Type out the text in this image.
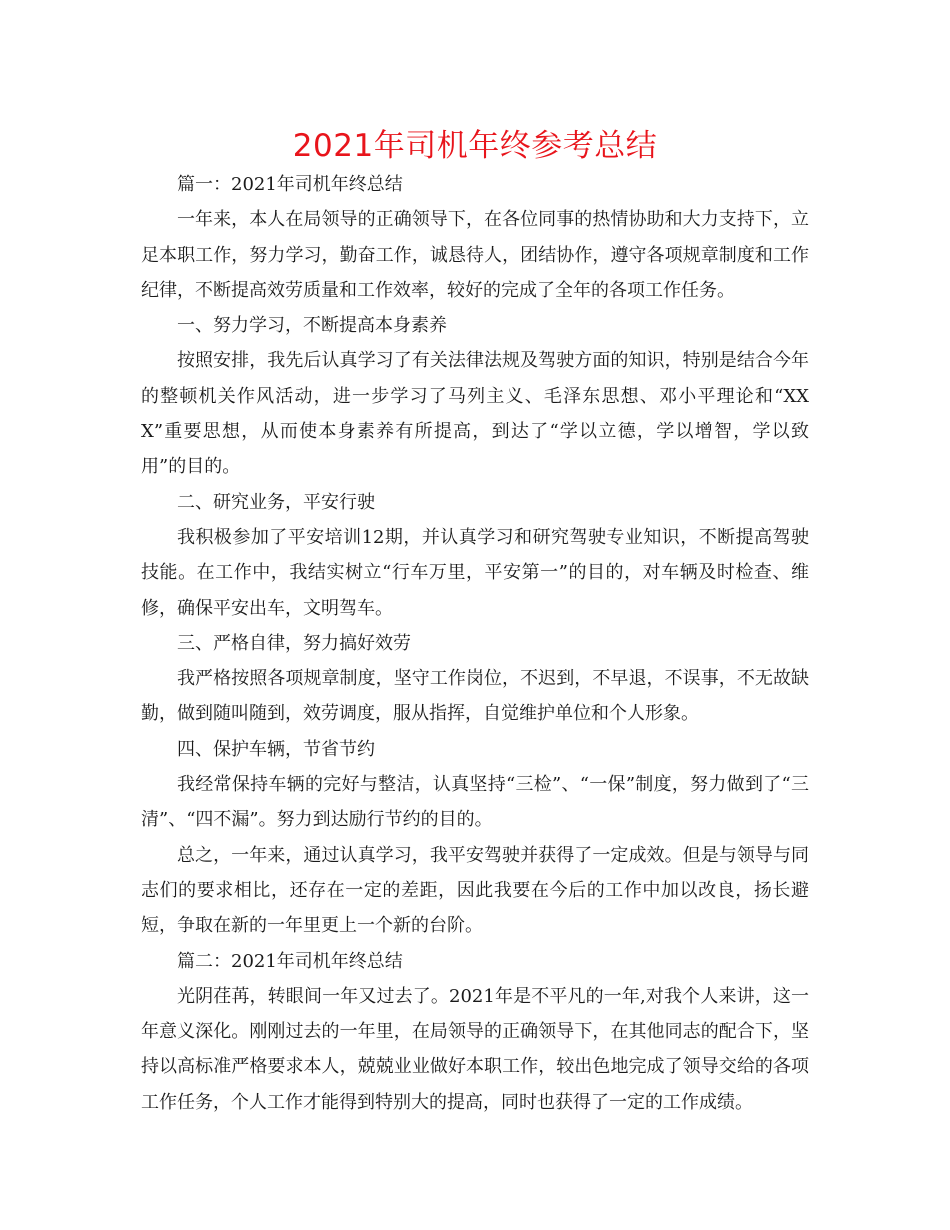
2021年司机年终参考总结

篇一：2021年司机年终总结

一年来，本人在局领导的正确领导下，在各位同事的热情协助和大力支持下，立足本职工作，努力学习，勤奋工作，诚恳待人，团结协作，遵守各项规章制度和工作纪律，不断提高效劳质量和工作效率，较好的完成了全年的各项工作任务。

一、努力学习，不断提高本身素养

按照安排，我先后认真学习了有关法律法规及驾驶方面的知识，特别是结合今年的整顿机关作风活动，进一步学习了马列主义、毛泽东思想、邓小平理论和“XXX”重要思想，从而使本身素养有所提高，到达了“学以立德，学以增智，学以致用”的目的。

二、研究业务，平安行驶

我积极参加了平安培训12期，并认真学习和研究驾驶专业知识，不断提高驾驶技能。在工作中，我结实树立“行车万里，平安第一”的目的，对车辆及时检查、维修，确保平安出车，文明驾车。

三、严格自律，努力搞好效劳

我严格按照各项规章制度，坚守工作岗位，不迟到，不早退，不误事，不无故缺勤，做到随叫随到，效劳调度，服从指挥，自觉维护单位和个人形象。

四、保护车辆，节省节约

我经常保持车辆的完好与整洁，认真坚持“三检”、“一保”制度，努力做到了“三清”、“四不漏”。努力到达励行节约的目的。

总之，一年来，通过认真学习，我平安驾驶并获得了一定成效。但是与领导与同志们的要求相比，还存在一定的差距，因此我要在今后的工作中加以改良，扬长避短，争取在新的一年里更上一个新的台阶。

篇二：2021年司机年终总结

光阴荏苒，转眼间一年又过去了。2021年是不平凡的一年,对我个人来讲，这一年意义深化。刚刚过去的一年里，在局领导的正确领导下，在其他同志的配合下，坚持以高标准严格要求本人，兢兢业业做好本职工作，较出色地完成了领导交给的各项工作任务，个人工作才能得到特别大的提高，同时也获得了一定的工作成绩。
